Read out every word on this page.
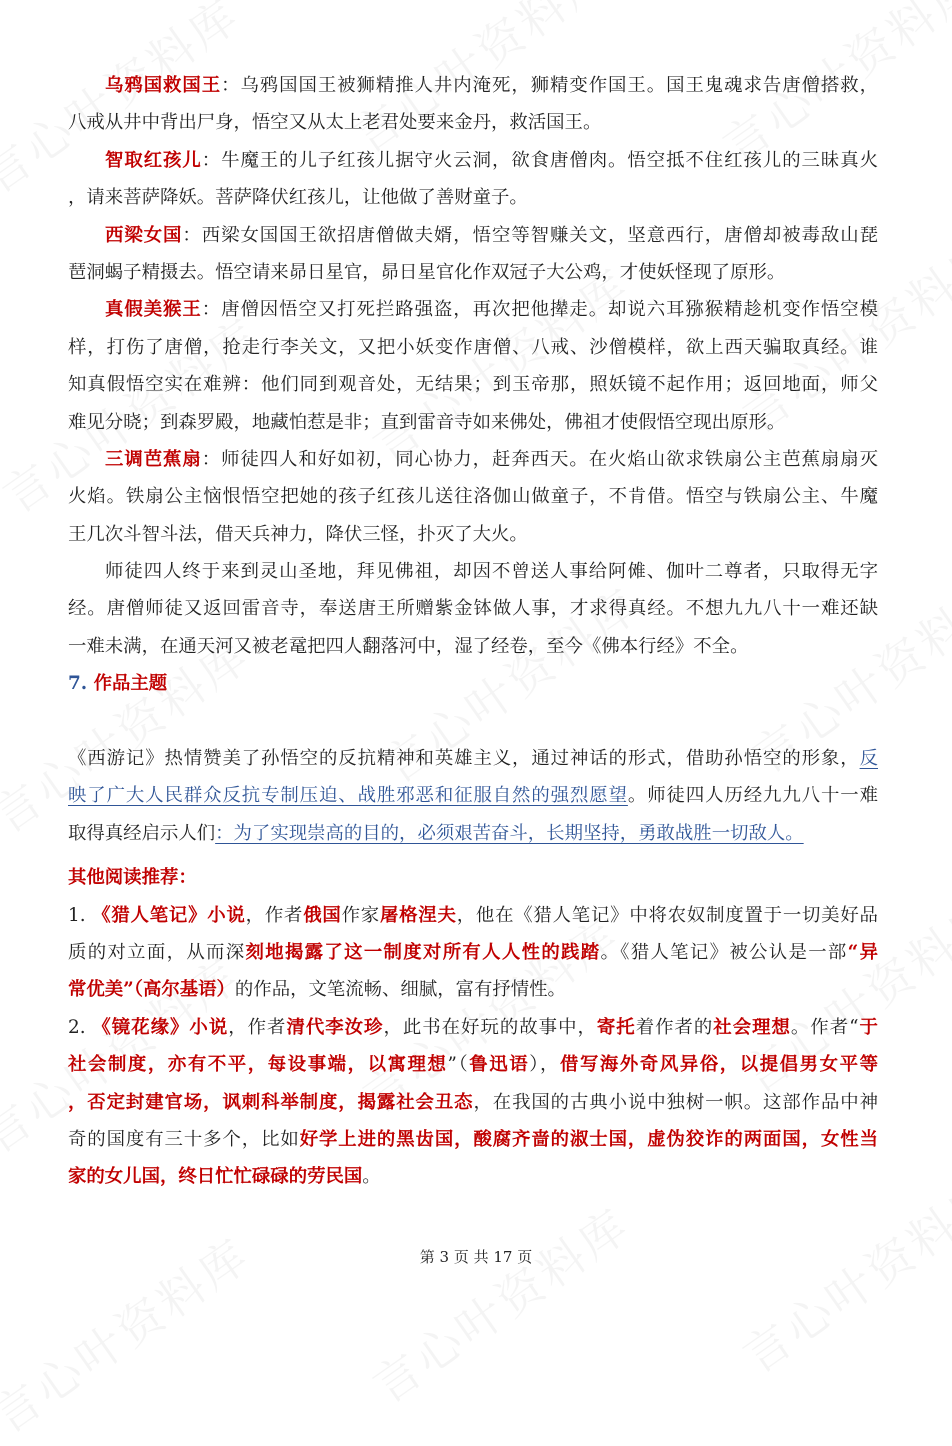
乌鸦国救国王：乌鸦国国王被狮精推人井内淹死，狮精变作国王。国王鬼魂求告唐僧搭救，
八戒从井中背出尸身，悟空又从太上老君处要来金丹，救活国王。
智取红孩儿：牛魔王的儿子红孩儿据守火云洞，欲食唐僧肉。悟空抵不住红孩儿的三昧真火
，请来菩萨降妖。菩萨降伏红孩儿，让他做了善财童子。
西梁女国：西梁女国国王欲招唐僧做夫婿，悟空等智赚关文，坚意西行，唐僧却被毒敌山琵
琶洞蝎子精摄去。悟空请来昴日星官，昴日星官化作双冠子大公鸡，才使妖怪现了原形。
真假美猴王：唐僧因悟空又打死拦路强盗，再次把他撵走。却说六耳猕猴精趁机变作悟空模
样，打伤了唐僧，抢走行李关文，又把小妖变作唐僧、八戒、沙僧模样，欲上西天骗取真经。谁
知真假悟空实在难辨：他们同到观音处，无结果；到玉帝那，照妖镜不起作用；返回地面，师父
难见分晓；到森罗殿，地藏怕惹是非；直到雷音寺如来佛处，佛祖才使假悟空现出原形。
三调芭蕉扇：师徒四人和好如初，同心协力，赶奔西天。在火焰山欲求铁扇公主芭蕉扇扇灭
火焰。铁扇公主恼恨悟空把她的孩子红孩儿送往洛伽山做童子，不肯借。悟空与铁扇公主、牛魔
王几次斗智斗法，借天兵神力，降伏三怪，扑灭了大火。
师徒四人终于来到灵山圣地，拜见佛祖，却因不曾送人事给阿傩、伽叶二尊者，只取得无字
经。唐僧师徒又返回雷音寺，奉送唐王所赠紫金钵做人事，才求得真经。不想九九八十一难还缺
一难未满，在通天河又被老鼋把四人翻落河中，湿了经卷，至今《佛本行经》不全。
7. 作品主题
《西游记》热情赞美了孙悟空的反抗精神和英雄主义，通过神话的形式，借助孙悟空的形象，反
映了广大人民群众反抗专制压迫、战胜邪恶和征服自然的强烈愿望。师徒四人历经九九八十一难
取得真经启示人们：为了实现崇高的目的，必须艰苦奋斗，长期坚持，勇敢战胜一切敌人。
其他阅读推荐：
1. 《猎人笔记》小说，作者俄国作家屠格涅夫，他在《猎人笔记》中将农奴制度置于一切美好品
质的对立面，从而深刻地揭露了这一制度对所有人人性的践踏。《猎人笔记》被公认是一部“异
常优美”（高尔基语）的作品，文笔流畅、细腻，富有抒情性。
2. 《镜花缘》小说，作者清代李汝珍，此书在好玩的故事中，寄托着作者的社会理想。作者“于
社会制度，亦有不平，每设事端，以寓理想”（鲁迅语），借写海外奇风异俗，以提倡男女平等
，否定封建官场，讽刺科举制度，揭露社会丑态，在我国的古典小说中独树一帜。这部作品中神
奇的国度有三十多个，比如好学上进的黑齿国，酸腐齐啬的淑士国，虚伪狡诈的两面国，女性当
家的女儿国，终日忙忙碌碌的劳民国。
第 3 页 共 17 页
